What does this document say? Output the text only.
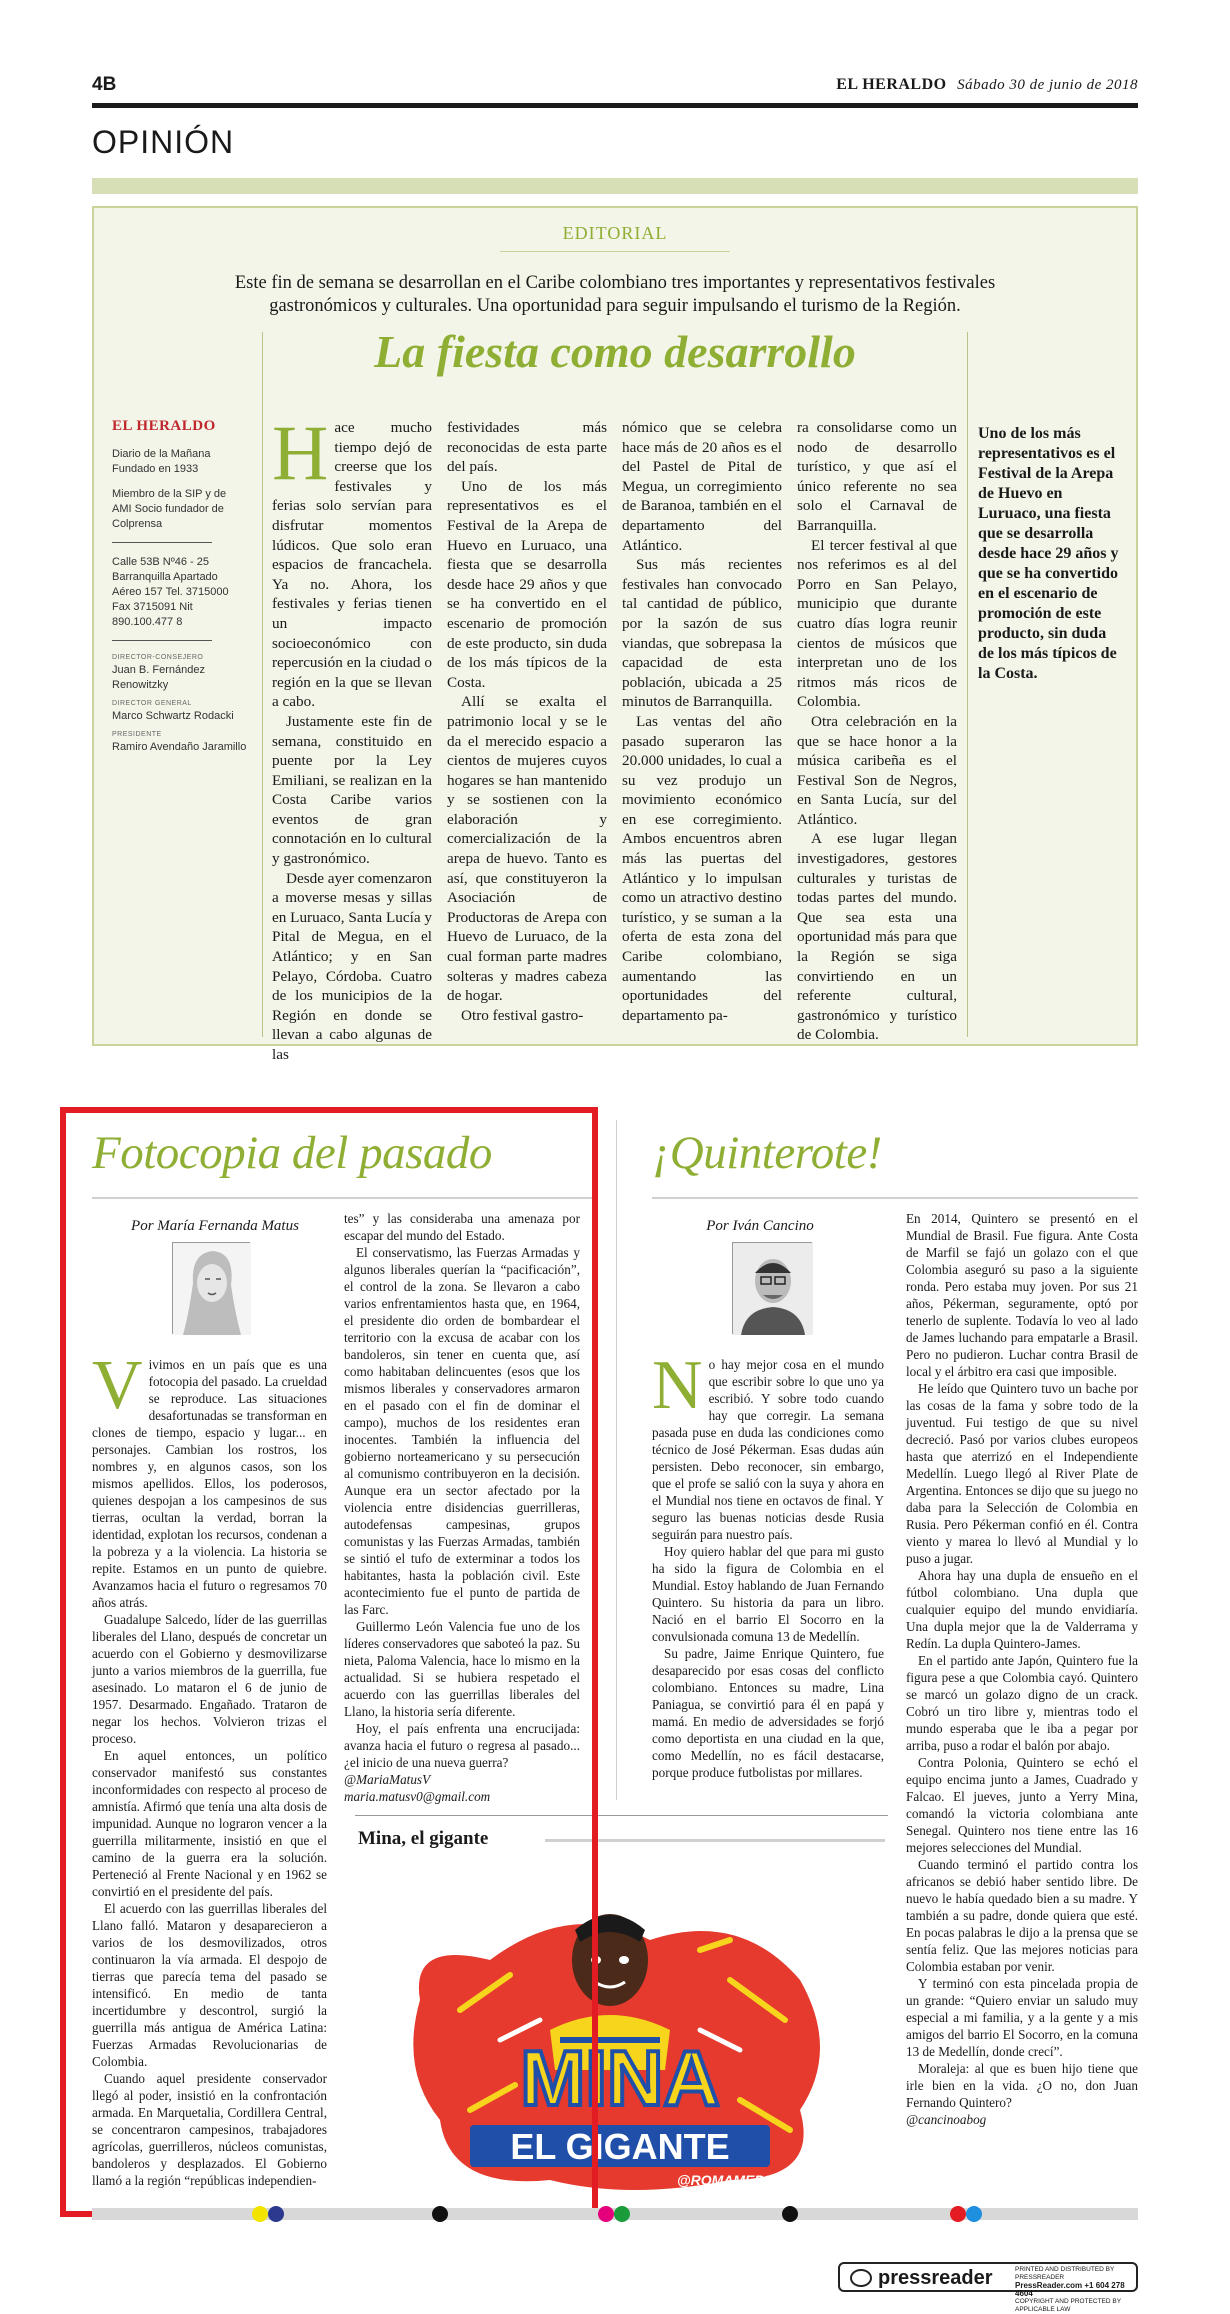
4B	EL HERALDO Sábado 30 de junio de 2018
OPINIÓN
EDITORIAL
Este fin de semana se desarrollan en el Caribe colombiano tres importantes y representativos festivales gastronómicos y culturales. Una oportunidad para seguir impulsando el turismo de la Región.
La fiesta como desarrollo
EL HERALDO
Diario de la Mañana Fundado en 1933
Miembro de la SIP y de AMI Socio fundador de Colprensa
Calle 53B Nº46 - 25 Barranquilla Apartado Aéreo 157 Tel. 3715000 Fax 3715091 Nit 890.100.477 8
DIRECTOR-CONSEJERO
Juan B. Fernández Renowitzky
DIRECTOR GENERAL
Marco Schwartz Rodacki
PRESIDENTE
Ramiro Avendaño Jaramillo

Hace mucho tiempo dejó de creerse que los festivales y ferias solo servían para disfrutar momentos lúdicos. Que solo eran espacios de francachela. Ya no. Ahora, los festivales y ferias tienen un impacto socioeconómico con repercusión en la ciudad o región en la que se llevan a cabo.

Justamente este fin de semana, constituido en puente por la Ley Emiliani, se realizan en la Costa Caribe varios eventos de gran connotación en lo cultural y gastronómico.

Desde ayer comenzaron a moverse mesas y sillas en Luruaco, Santa Lucía y Pital de Megua, en el Atlántico; y en San Pelayo, Córdoba. Cuatro de los municipios de la Región en donde se llevan a cabo algunas de las

festividades más reconocidas de esta parte del país.

Uno de los más representativos es el Festival de la Arepa de Huevo en Luruaco, una fiesta que se desarrolla desde hace 29 años y que se ha convertido en el escenario de promoción de este producto, sin duda de los más típicos de la Costa.

Allí se exalta el patrimonio local y se le da el merecido espacio a cientos de mujeres cuyos hogares se han mantenido y se sostienen con la elaboración y comercialización de la arepa de huevo. Tanto es así, que constituyeron la Asociación de Productoras de Arepa con Huevo de Luruaco, de la cual forman parte madres solteras y madres cabeza de hogar.

Otro festival gastro-

nómico que se celebra hace más de 20 años es el del Pastel de Pital de Megua, un corregimiento de Baranoa, también en el departamento del Atlántico.

Sus más recientes festivales han convocado tal cantidad de público, por la sazón de sus viandas, que sobrepasa la capacidad de esta población, ubicada a 25 minutos de Barranquilla.

Las ventas del año pasado superaron las 20.000 unidades, lo cual a su vez produjo un movimiento económico en ese corregimiento. Ambos encuentros abren más las puertas del Atlántico y lo impulsan como un atractivo destino turístico, y se suman a la oferta de esta zona del Caribe colombiano, aumentando las oportunidades del departamento pa-

ra consolidarse como un nodo de desarrollo turístico, y que así el único referente no sea solo el Carnaval de Barranquilla.

El tercer festival al que nos referimos es al del Porro en San Pelayo, municipio que durante cuatro días logra reunir cientos de músicos que interpretan uno de los ritmos más ricos de Colombia.

Otra celebración en la que se hace honor a la música caribeña es el Festival Son de Negros, en Santa Lucía, sur del Atlántico.

A ese lugar llegan investigadores, gestores culturales y turistas de todas partes del mundo. Que sea esta una oportunidad más para que la Región se siga convirtiendo en un referente cultural, gastronómico y turístico de Colombia.

Uno de los más representativos es el Festival de la Arepa de Huevo en Luruaco, una fiesta que se desarrolla desde hace 29 años y que se ha convertido en el escenario de promoción de este producto, sin duda de los más típicos de la Costa.
Fotocopia del pasado
Por María Fernanda Matus

Vivimos en un país que es una fotocopia del pasado. La crueldad se reproduce. Las situaciones desafortunadas se transforman en clones de tiempo, espacio y lugar... en personajes. Cambian los rostros, los nombres y, en algunos casos, son los mismos apellidos. Ellos, los poderosos, quienes despojan a los campesinos de sus tierras, ocultan la verdad, borran la identidad, explotan los recursos, condenan a la pobreza y a la violencia. La historia se repite. Estamos en un punto de quiebre. Avanzamos hacia el futuro o regresamos 70 años atrás.

Guadalupe Salcedo, líder de las guerrillas liberales del Llano, después de concretar un acuerdo con el Gobierno y desmovilizarse junto a varios miembros de la guerrilla, fue asesinado. Lo mataron el 6 de junio de 1957. Desarmado. Engañado. Trataron de negar los hechos. Volvieron trizas el proceso.

En aquel entonces, un político conservador manifestó sus constantes inconformidades con respecto al proceso de amnistía. Afirmó que tenía una alta dosis de impunidad. Aunque no lograron vencer a la guerrilla militarmente, insistió en que el camino de la guerra era la solución. Perteneció al Frente Nacional y en 1962 se convirtió en el presidente del país.

El acuerdo con las guerrillas liberales del Llano falló. Mataron y desaparecieron a varios de los desmovilizados, otros continuaron la vía armada. El despojo de tierras que parecía tema del pasado se intensificó. En medio de tanta incertidumbre y descontrol, surgió la guerrilla más antigua de América Latina: Fuerzas Armadas Revolucionarias de Colombia.

Cuando aquel presidente conservador llegó al poder, insistió en la confrontación armada. En Marquetalia, Cordillera Central, se concentraron campesinos, trabajadores agrícolas, guerrilleros, núcleos comunistas, bandoleros y desplazados. El Gobierno llamó a la región “repúblicas independien-

tes” y las consideraba una amenaza por escapar del mundo del Estado.

El conservatismo, las Fuerzas Armadas y algunos liberales querían la “pacificación”, el control de la zona. Se llevaron a cabo varios enfrentamientos hasta que, en 1964, el presidente dio orden de bombardear el territorio con la excusa de acabar con los bandoleros, sin tener en cuenta que, así como habitaban delincuentes (esos que los mismos liberales y conservadores armaron en el pasado con el fin de dominar el campo), muchos de los residentes eran inocentes. También la influencia del gobierno norteamericano y su persecución al comunismo contribuyeron en la decisión. Aunque era un sector afectado por la violencia entre disidencias guerrilleras, autodefensas campesinas, grupos comunistas y las Fuerzas Armadas, también se sintió el tufo de exterminar a todos los habitantes, hasta la población civil. Este acontecimiento fue el punto de partida de las Farc.

Guillermo León Valencia fue uno de los líderes conservadores que saboteó la paz. Su nieta, Paloma Valencia, hace lo mismo en la actualidad. Si se hubiera respetado el acuerdo con las guerrillas liberales del Llano, la historia sería diferente.

Hoy, el país enfrenta una encrucijada: avanza hacia el futuro o regresa al pasado... ¿el inicio de una nueva guerra?

@MariaMatusV

maria.matusv0@gmail.com

¡Quinterote!
Por Iván Cancino

No hay mejor cosa en el mundo que escribir sobre lo que uno ya escribió. Y sobre todo cuando hay que corregir. La semana pasada puse en duda las condiciones como técnico de José Pékerman. Esas dudas aún persisten. Debo reconocer, sin embargo, que el profe se salió con la suya y ahora en el Mundial nos tiene en octavos de final. Y seguro las buenas noticias desde Rusia seguirán para nuestro país.

Hoy quiero hablar del que para mi gusto ha sido la figura de Colombia en el Mundial. Estoy hablando de Juan Fernando Quintero. Su historia da para un libro. Nació en el barrio El Socorro en la convulsionada comuna 13 de Medellín.

Su padre, Jaime Enrique Quintero, fue desaparecido por esas cosas del conflicto colombiano. Entonces su madre, Lina Paniagua, se convirtió para él en papá y mamá. En medio de adversidades se forjó como deportista en una ciudad en la que, como Medellín, no es fácil destacarse, porque produce futbolistas por millares.

En 2014, Quintero se presentó en el Mundial de Brasil. Fue figura. Ante Costa de Marfil se fajó un golazo con el que Colombia aseguró su paso a la siguiente ronda. Pero estaba muy joven. Por sus 21 años, Pékerman, seguramente, optó por tenerlo de suplente. Todavía lo veo al lado de James luchando para empatarle a Brasil. Pero no pudieron. Luchar contra Brasil de local y el árbitro era casi que imposible.

He leído que Quintero tuvo un bache por las cosas de la fama y sobre todo de la juventud. Fui testigo de que su nivel decreció. Pasó por varios clubes europeos hasta que aterrizó en el Independiente Medellín. Luego llegó al River Plate de Argentina. Entonces se dijo que su juego no daba para la Selección de Colombia en Rusia. Pero Pékerman confió en él. Contra viento y marea lo llevó al Mundial y lo puso a jugar.

Ahora hay una dupla de ensueño en el fútbol colombiano. Una dupla que cualquier equipo del mundo envidiaría. Una dupla mejor que la de Valderrama y Redín. La dupla Quintero-James.

En el partido ante Japón, Quintero fue la figura pese a que Colombia cayó. Quintero se marcó un golazo digno de un crack. Cobró un tiro libre y, mientras todo el mundo esperaba que le iba a pegar por arriba, puso a rodar el balón por abajo.

Contra Polonia, Quintero se echó el equipo encima junto a James, Cuadrado y Falcao. El jueves, junto a Yerry Mina, comandó la victoria colombiana ante Senegal. Quintero nos tiene entre las 16 mejores selecciones del Mundial.

Cuando terminó el partido contra los africanos se debió haber sentido libre. De nuevo le había quedado bien a su madre. Y también a su padre, donde quiera que esté. En pocas palabras le dijo a la prensa que se sentía feliz. Que las mejores noticias para Colombia estaban por venir.

Y terminó con esta pincelada propia de un grande: “Quiero enviar un saludo muy especial a mi familia, y a la gente y a mis amigos del barrio El Socorro, en la comuna 13 de Medellín, donde crecí”.

Moraleja: al que es buen hijo tiene que irle bien en la vida. ¿O no, don Juan Fernando Quintero?

@cancinoabog

Mina, el gigante
MINA
EL GIGANTE
@ROMAMEPS
pressreader	PRINTED AND DISTRIBUTED BY PRESSREADER
PressReader.com +1 604 278 4604
COPYRIGHT AND PROTECTED BY APPLICABLE LAW
